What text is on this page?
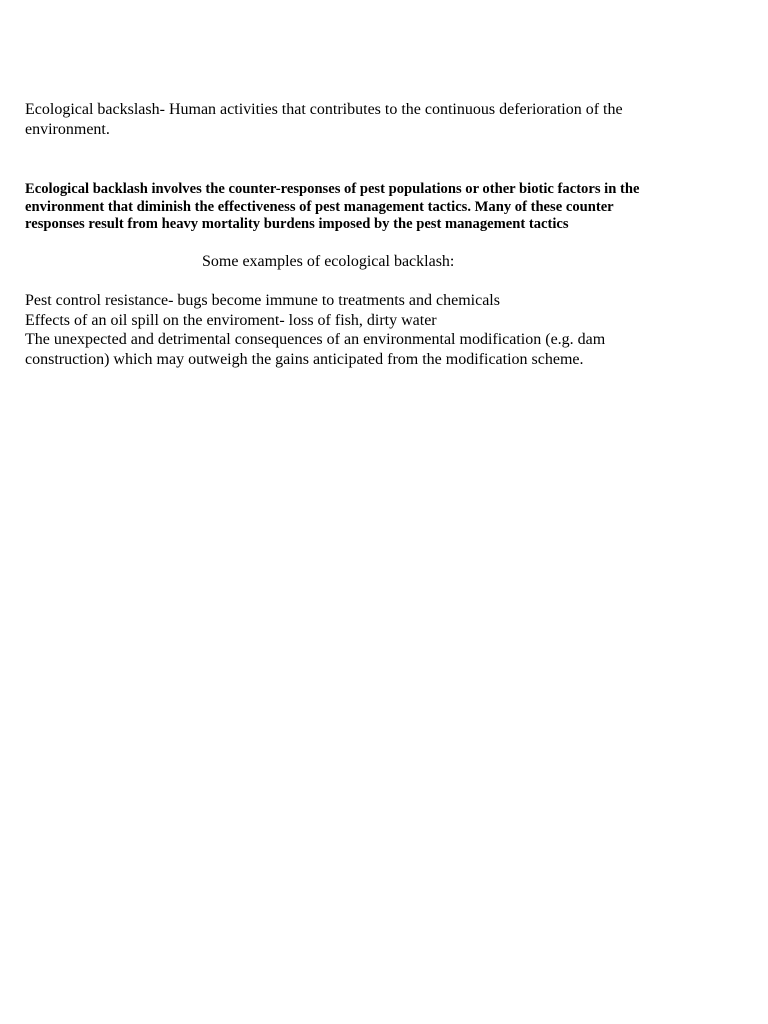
Ecological backslash- Human activities that contributes to the continuous deferioration of the environment.

Ecological backlash involves the counter-responses of pest populations or other biotic factors in the environment that diminish the effectiveness of pest management tactics. Many of these counter responses result from heavy mortality burdens imposed by the pest management tactics

Some examples of ecological backlash:

Pest control resistance- bugs become immune to treatments and chemicals
Effects of an oil spill on the enviroment- loss of fish, dirty water
The unexpected and detrimental consequences of an environmental modification (e.g. dam construction) which may outweigh the gains anticipated from the modification scheme.
